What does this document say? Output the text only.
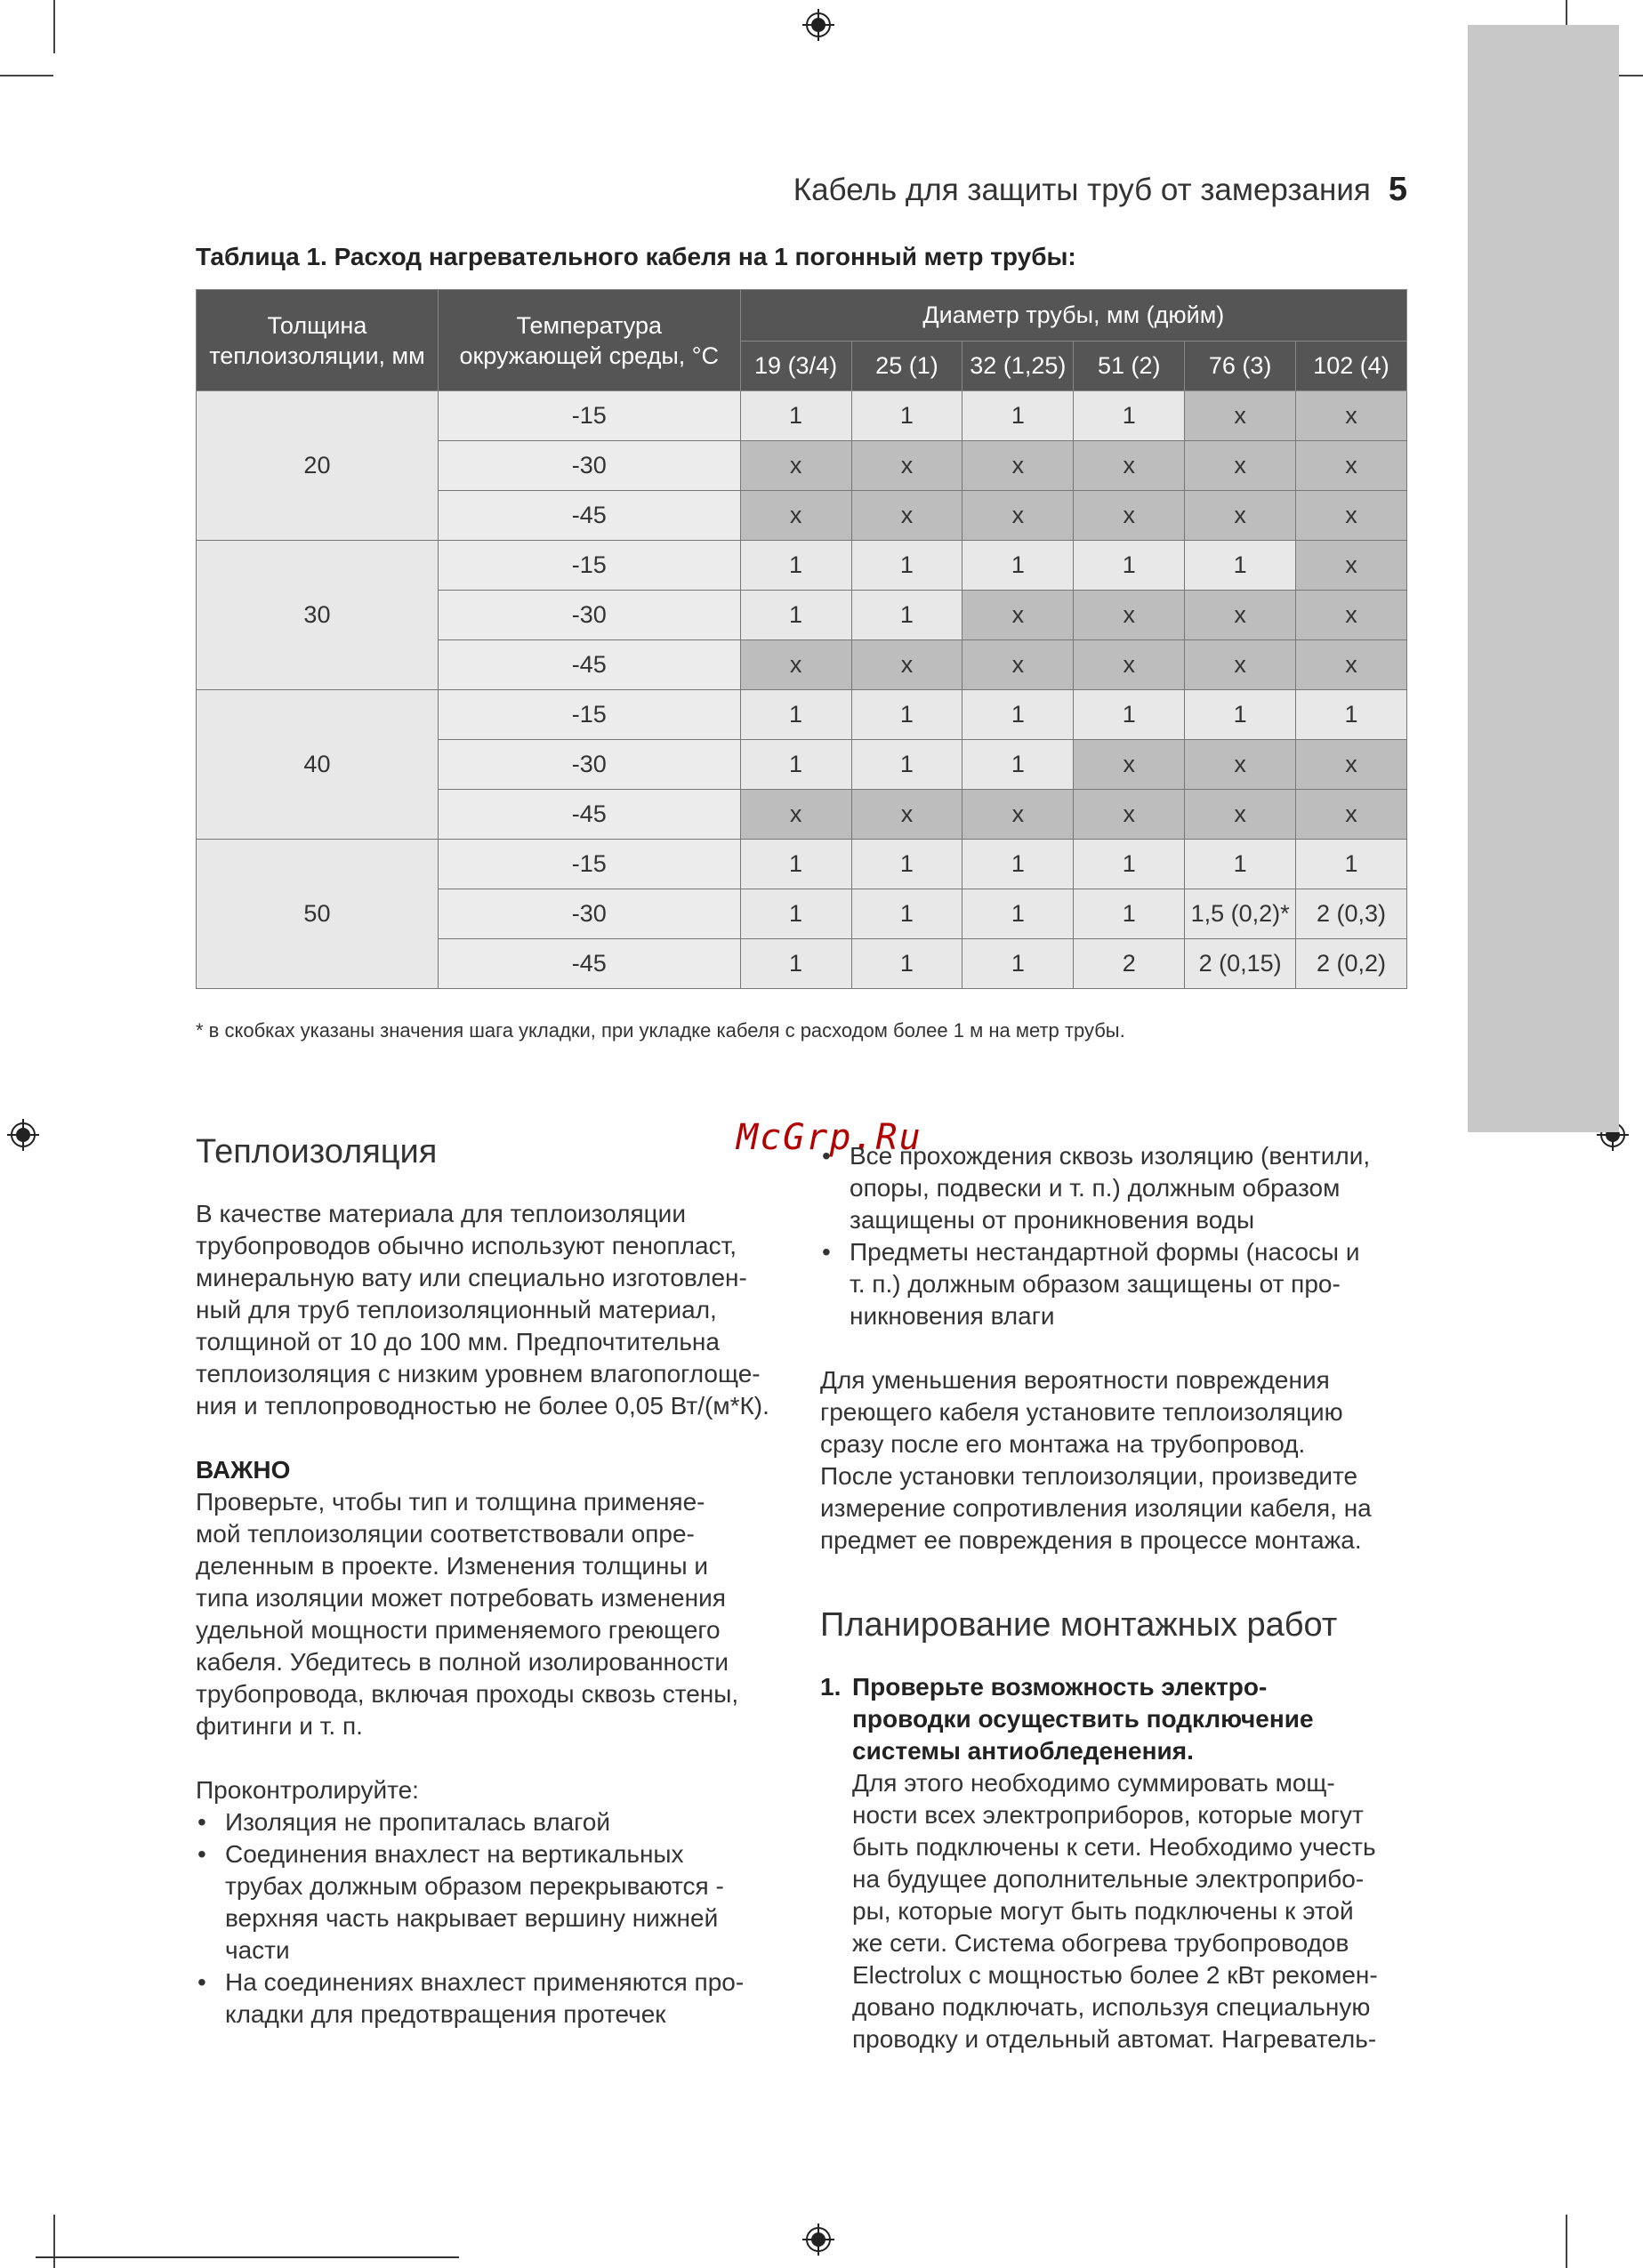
Кабель для защиты труб от замерзания 5
Таблица 1. Расход нагревательного кабеля на 1 погонный метр трубы:
Толщина теплоизоляции, мм	Температура окружающей среды, °C	Диаметр трубы, мм (дюйм)					
		19 (3/4)	25 (1)	32 (1,25)	51 (2)	76 (3)	102 (4)
20	-15	1	1	1	1	x	x
	-30	x	x	x	x	x	x
	-45	x	x	x	x	x	x
30	-15	1	1	1	1	1	x
	-30	1	1	x	x	x	x
	-45	x	x	x	x	x	x
40	-15	1	1	1	1	1	1
	-30	1	1	1	x	x	x
	-45	x	x	x	x	x	x
50	-15	1	1	1	1	1	1
	-30	1	1	1	1	1,5 (0,2)*	2 (0,3)
	-45	1	1	1	2	2 (0,15)	2 (0,2)
* в скобках указаны значения шага укладки, при укладке кабеля с расходом более 1 м на метр трубы.
McGrp.Ru
Теплоизоляция
В качестве материала для теплоизоляции
трубопроводов обычно используют пенопласт,
минеральную вату или специально изготовлен-
ный для труб теплоизоляционный материал,
толщиной от 10 до 100 мм. Предпочтительна
теплоизоляция с низким уровнем влагопоглоще-
ния и теплопроводностью не более 0,05 Вт/(м*К).
ВАЖНО
Проверьте, чтобы тип и толщина применяе-
мой теплоизоляции соответствовали опре-
деленным в проекте. Изменения толщины и
типа изоляции может потребовать изменения
удельной мощности применяемого греющего
кабеля. Убедитесь в полной изолированности
трубопровода, включая проходы сквозь стены,
фитинги и т. п.
Проконтролируйте:
• Изоляция не пропиталась влагой
• Соединения внахлест на вертикальных
трубах должным образом перекрываются -
верхняя часть накрывает вершину нижней
части
• На соединениях внахлест применяются про-
кладки для предотвращения протечек
• Все прохождения сквозь изоляцию (вентили,
опоры, подвески и т. п.) должным образом
защищены от проникновения воды
• Предметы нестандартной формы (насосы и
т. п.) должным образом защищены от про-
никновения влаги
Для уменьшения вероятности повреждения
греющего кабеля установите теплоизоляцию
сразу после его монтажа на трубопровод.
После установки теплоизоляции, произведите
измерение сопротивления изоляции кабеля, на
предмет ее повреждения в процессе монтажа.
Планирование монтажных работ
1. Проверьте возможность электро-
проводки осуществить подключение
системы антиобледенения.
Для этого необходимо суммировать мощ-
ности всех электроприборов, которые могут
быть подключены к сети. Необходимо учесть
на будущее дополнительные электроприбо-
ры, которые могут быть подключены к этой
же сети. Система обогрева трубопроводов
Electrolux с мощностью более 2 кВт рекомен-
довано подключать, используя специальную
проводку и отдельный автомат. Нагреватель-
